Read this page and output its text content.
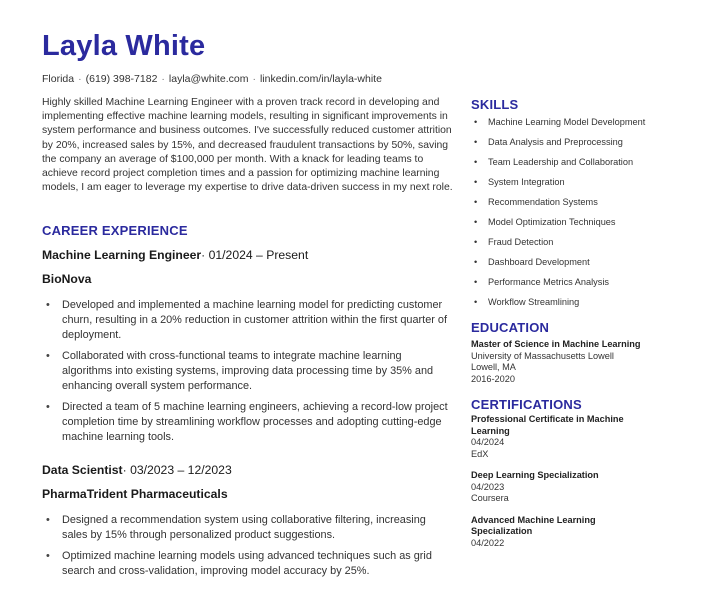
Layla White
Florida · (619) 398-7182 · layla@white.com · linkedin.com/in/layla-white

Highly skilled Machine Learning Engineer with a proven track record in developing and implementing effective machine learning models, resulting in significant improvements in system performance and business outcomes. I've successfully reduced customer attrition by 20%, increased sales by 15%, and decreased fraudulent transactions by 50%, saving the company an average of $100,000 per month. With a knack for leading teams to achieve record project completion times and a passion for optimizing machine learning models, I am eager to leverage my expertise to drive data-driven success in my next role.

CAREER EXPERIENCE
Machine Learning Engineer· 01/2024 – Present
BioNova
• Developed and implemented a machine learning model for predicting customer churn, resulting in a 20% reduction in customer attrition within the first quarter of deployment.
• Collaborated with cross-functional teams to integrate machine learning algorithms into existing systems, improving data processing time by 35% and enhancing overall system performance.
• Directed a team of 5 machine learning engineers, achieving a record-low project completion time by streamlining workflow processes and adopting cutting-edge machine learning tools.
Data Scientist· 03/2023 – 12/2023
PharmaTrident Pharmaceuticals
• Designed a recommendation system using collaborative filtering, increasing sales by 15% through personalized product suggestions.
• Optimized machine learning models using advanced techniques such as grid search and cross-validation, improving model accuracy by 25%.
SKILLS
•	Machine Learning Model Development
•	Data Analysis and Preprocessing
•	Team Leadership and Collaboration
•	System Integration
•	Recommendation Systems
•	Model Optimization Techniques
•	Fraud Detection
•	Dashboard Development
•	Performance Metrics Analysis
•	Workflow Streamlining
EDUCATION
Master of Science in Machine Learning
University of Massachusetts Lowell
Lowell, MA
2016-2020
CERTIFICATIONS
Professional Certificate in Machine Learning
04/2024
EdX
Deep Learning Specialization
04/2023
Coursera
Advanced Machine Learning Specialization
04/2022
